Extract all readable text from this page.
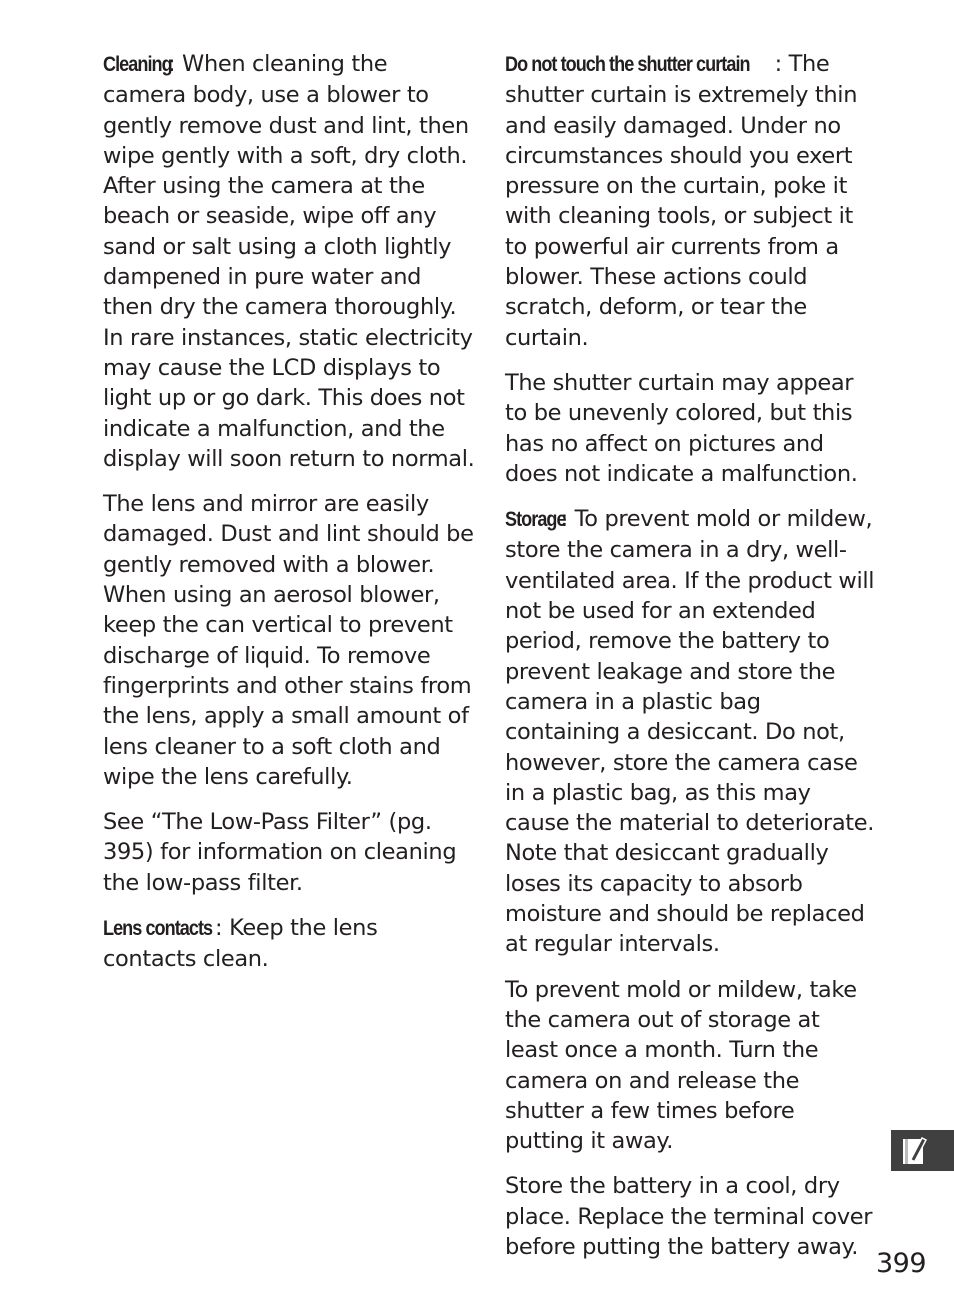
Cleaning: When cleaning the camera body, use a blower to gently remove dust and lint, then wipe gently with a soft, dry cloth. After using the camera at the beach or seaside, wipe off any sand or salt using a cloth lightly dampened in pure water and then dry the camera thoroughly. In rare instances, static electricity may cause the LCD displays to light up or go dark. This does not indicate a malfunction, and the display will soon return to normal.

The lens and mirror are easily damaged. Dust and lint should be gently removed with a blower. When using an aerosol blower, keep the can vertical to prevent discharge of liquid. To remove fingerprints and other stains from the lens, apply a small amount of lens cleaner to a soft cloth and wipe the lens carefully.

See “The Low-Pass Filter” (pg. 395) for information on cleaning the low-pass filter.

Lens contacts : Keep the lens contacts clean.

Do not touch the shutter curtain : The shutter curtain is extremely thin and easily damaged. Under no circumstances should you exert pressure on the curtain, poke it with cleaning tools, or subject it to powerful air currents from a blower. These actions could scratch, deform, or tear the curtain.

The shutter curtain may appear to be unevenly colored, but this has no affect on pictures and does not indicate a malfunction.

Storage: To prevent mold or mildew, store the camera in a dry, well-ventilated area. If the product will not be used for an extended period, remove the battery to prevent leakage and store the camera in a plastic bag containing a desiccant. Do not, however, store the camera case in a plastic bag, as this may cause the material to deteriorate. Note that desiccant gradually loses its capacity to absorb moisture and should be replaced at regular intervals.

To prevent mold or mildew, take the camera out of storage at least once a month. Turn the camera on and release the shutter a few times before putting it away.

Store the battery in a cool, dry place. Replace the terminal cover before putting the battery away.

399
